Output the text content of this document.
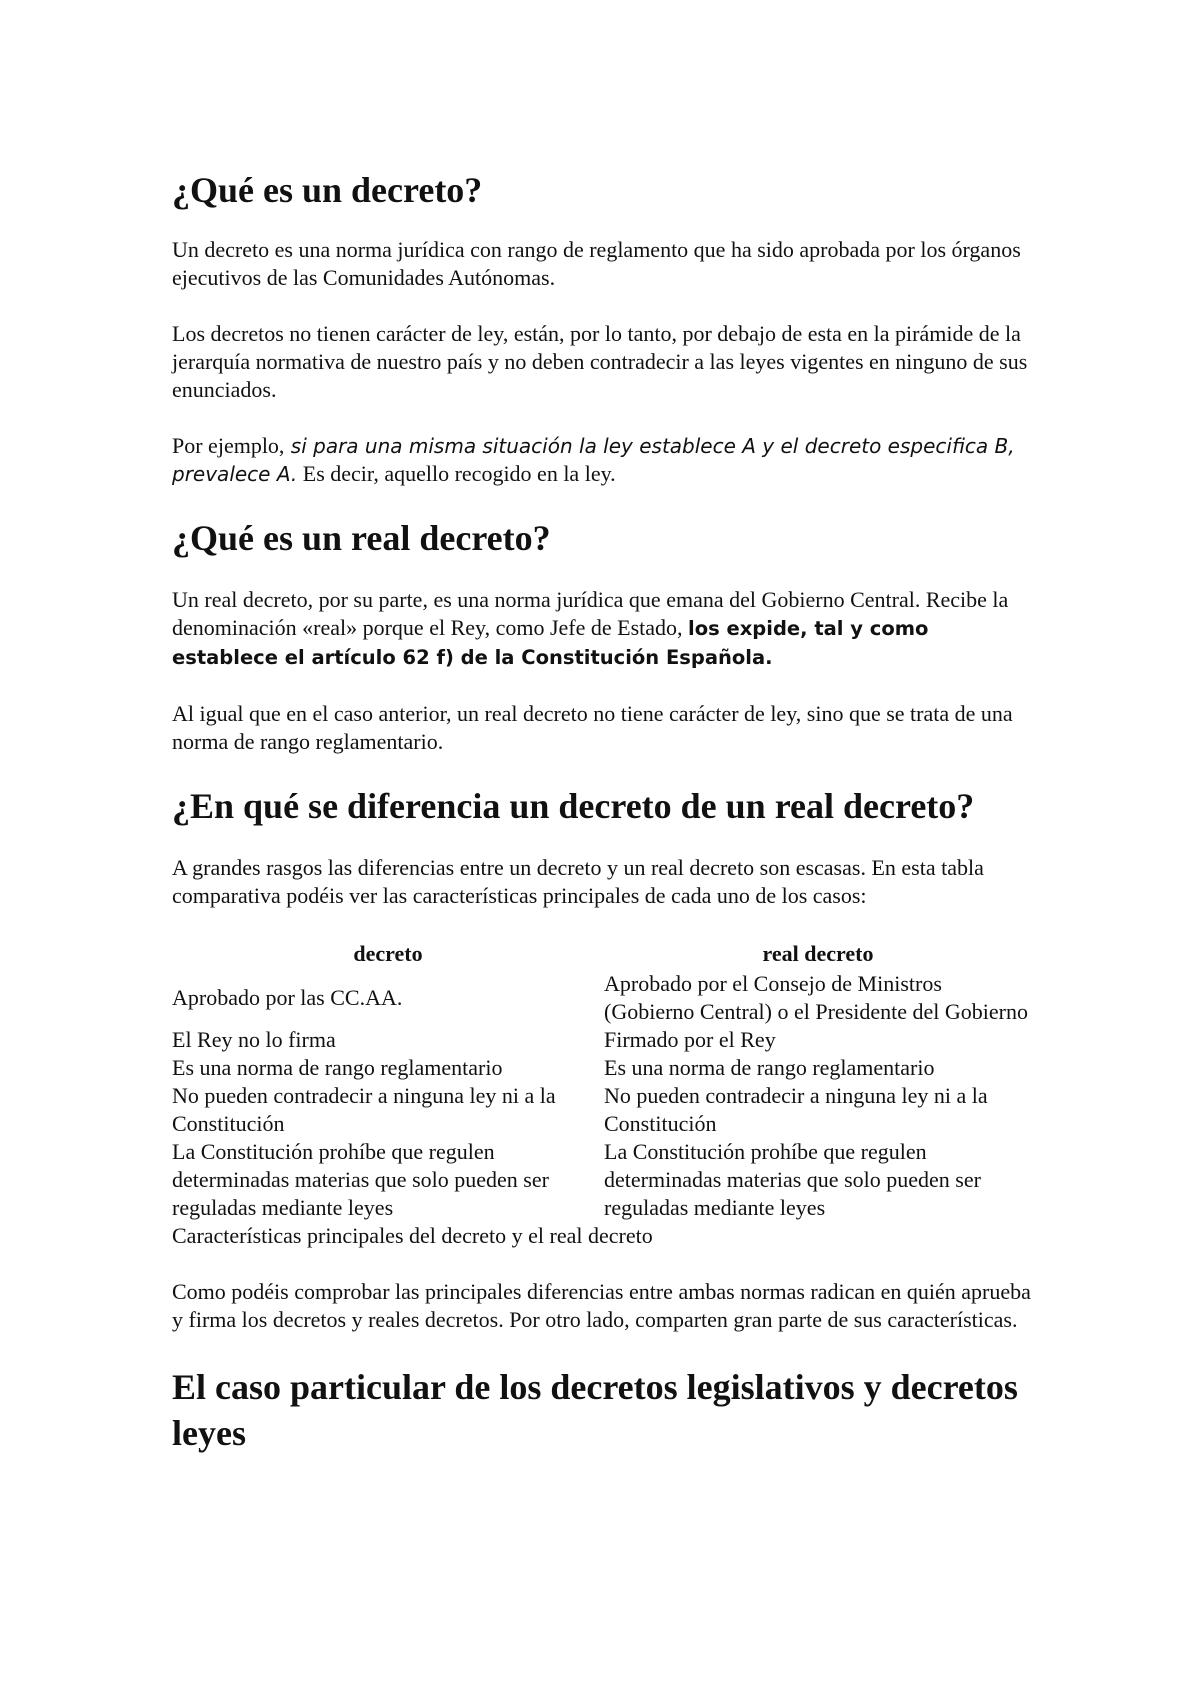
¿Qué es un decreto?

Un decreto es una norma jurídica con rango de reglamento que ha sido aprobada por los órganos ejecutivos de las Comunidades Autónomas.

Los decretos no tienen carácter de ley, están, por lo tanto, por debajo de esta en la pirámide de la jerarquía normativa de nuestro país y no deben contradecir a las leyes vigentes en ninguno de sus enunciados.

Por ejemplo, si para una misma situación la ley establece A y el decreto especifica B, prevalece A. Es decir, aquello recogido en la ley.

¿Qué es un real decreto?

Un real decreto, por su parte, es una norma jurídica que emana del Gobierno Central. Recibe la denominación «real» porque el Rey, como Jefe de Estado, los expide, tal y como establece el artículo 62 f) de la Constitución Española.

Al igual que en el caso anterior, un real decreto no tiene carácter de ley, sino que se trata de una norma de rango reglamentario.

¿En qué se diferencia un decreto de un real decreto?

A grandes rasgos las diferencias entre un decreto y un real decreto son escasas. En esta tabla comparativa podéis ver las características principales de cada uno de los casos:

decreto	real decreto
Aprobado por las CC.AA.	Aprobado por el Consejo de Ministros (Gobierno Central) o el Presidente del Gobierno
El Rey no lo firma	Firmado por el Rey
Es una norma de rango reglamentario	Es una norma de rango reglamentario
No pueden contradecir a ninguna ley ni a la Constitución	No pueden contradecir a ninguna ley ni a la Constitución
La Constitución prohíbe que regulen determinadas materias que solo pueden ser reguladas mediante leyes	La Constitución prohíbe que regulen determinadas materias que solo pueden ser reguladas mediante leyes
Características principales del decreto y el real decreto

Como podéis comprobar las principales diferencias entre ambas normas radican en quién aprueba y firma los decretos y reales decretos. Por otro lado, comparten gran parte de sus características.

El caso particular de los decretos legislativos y decretos leyes
